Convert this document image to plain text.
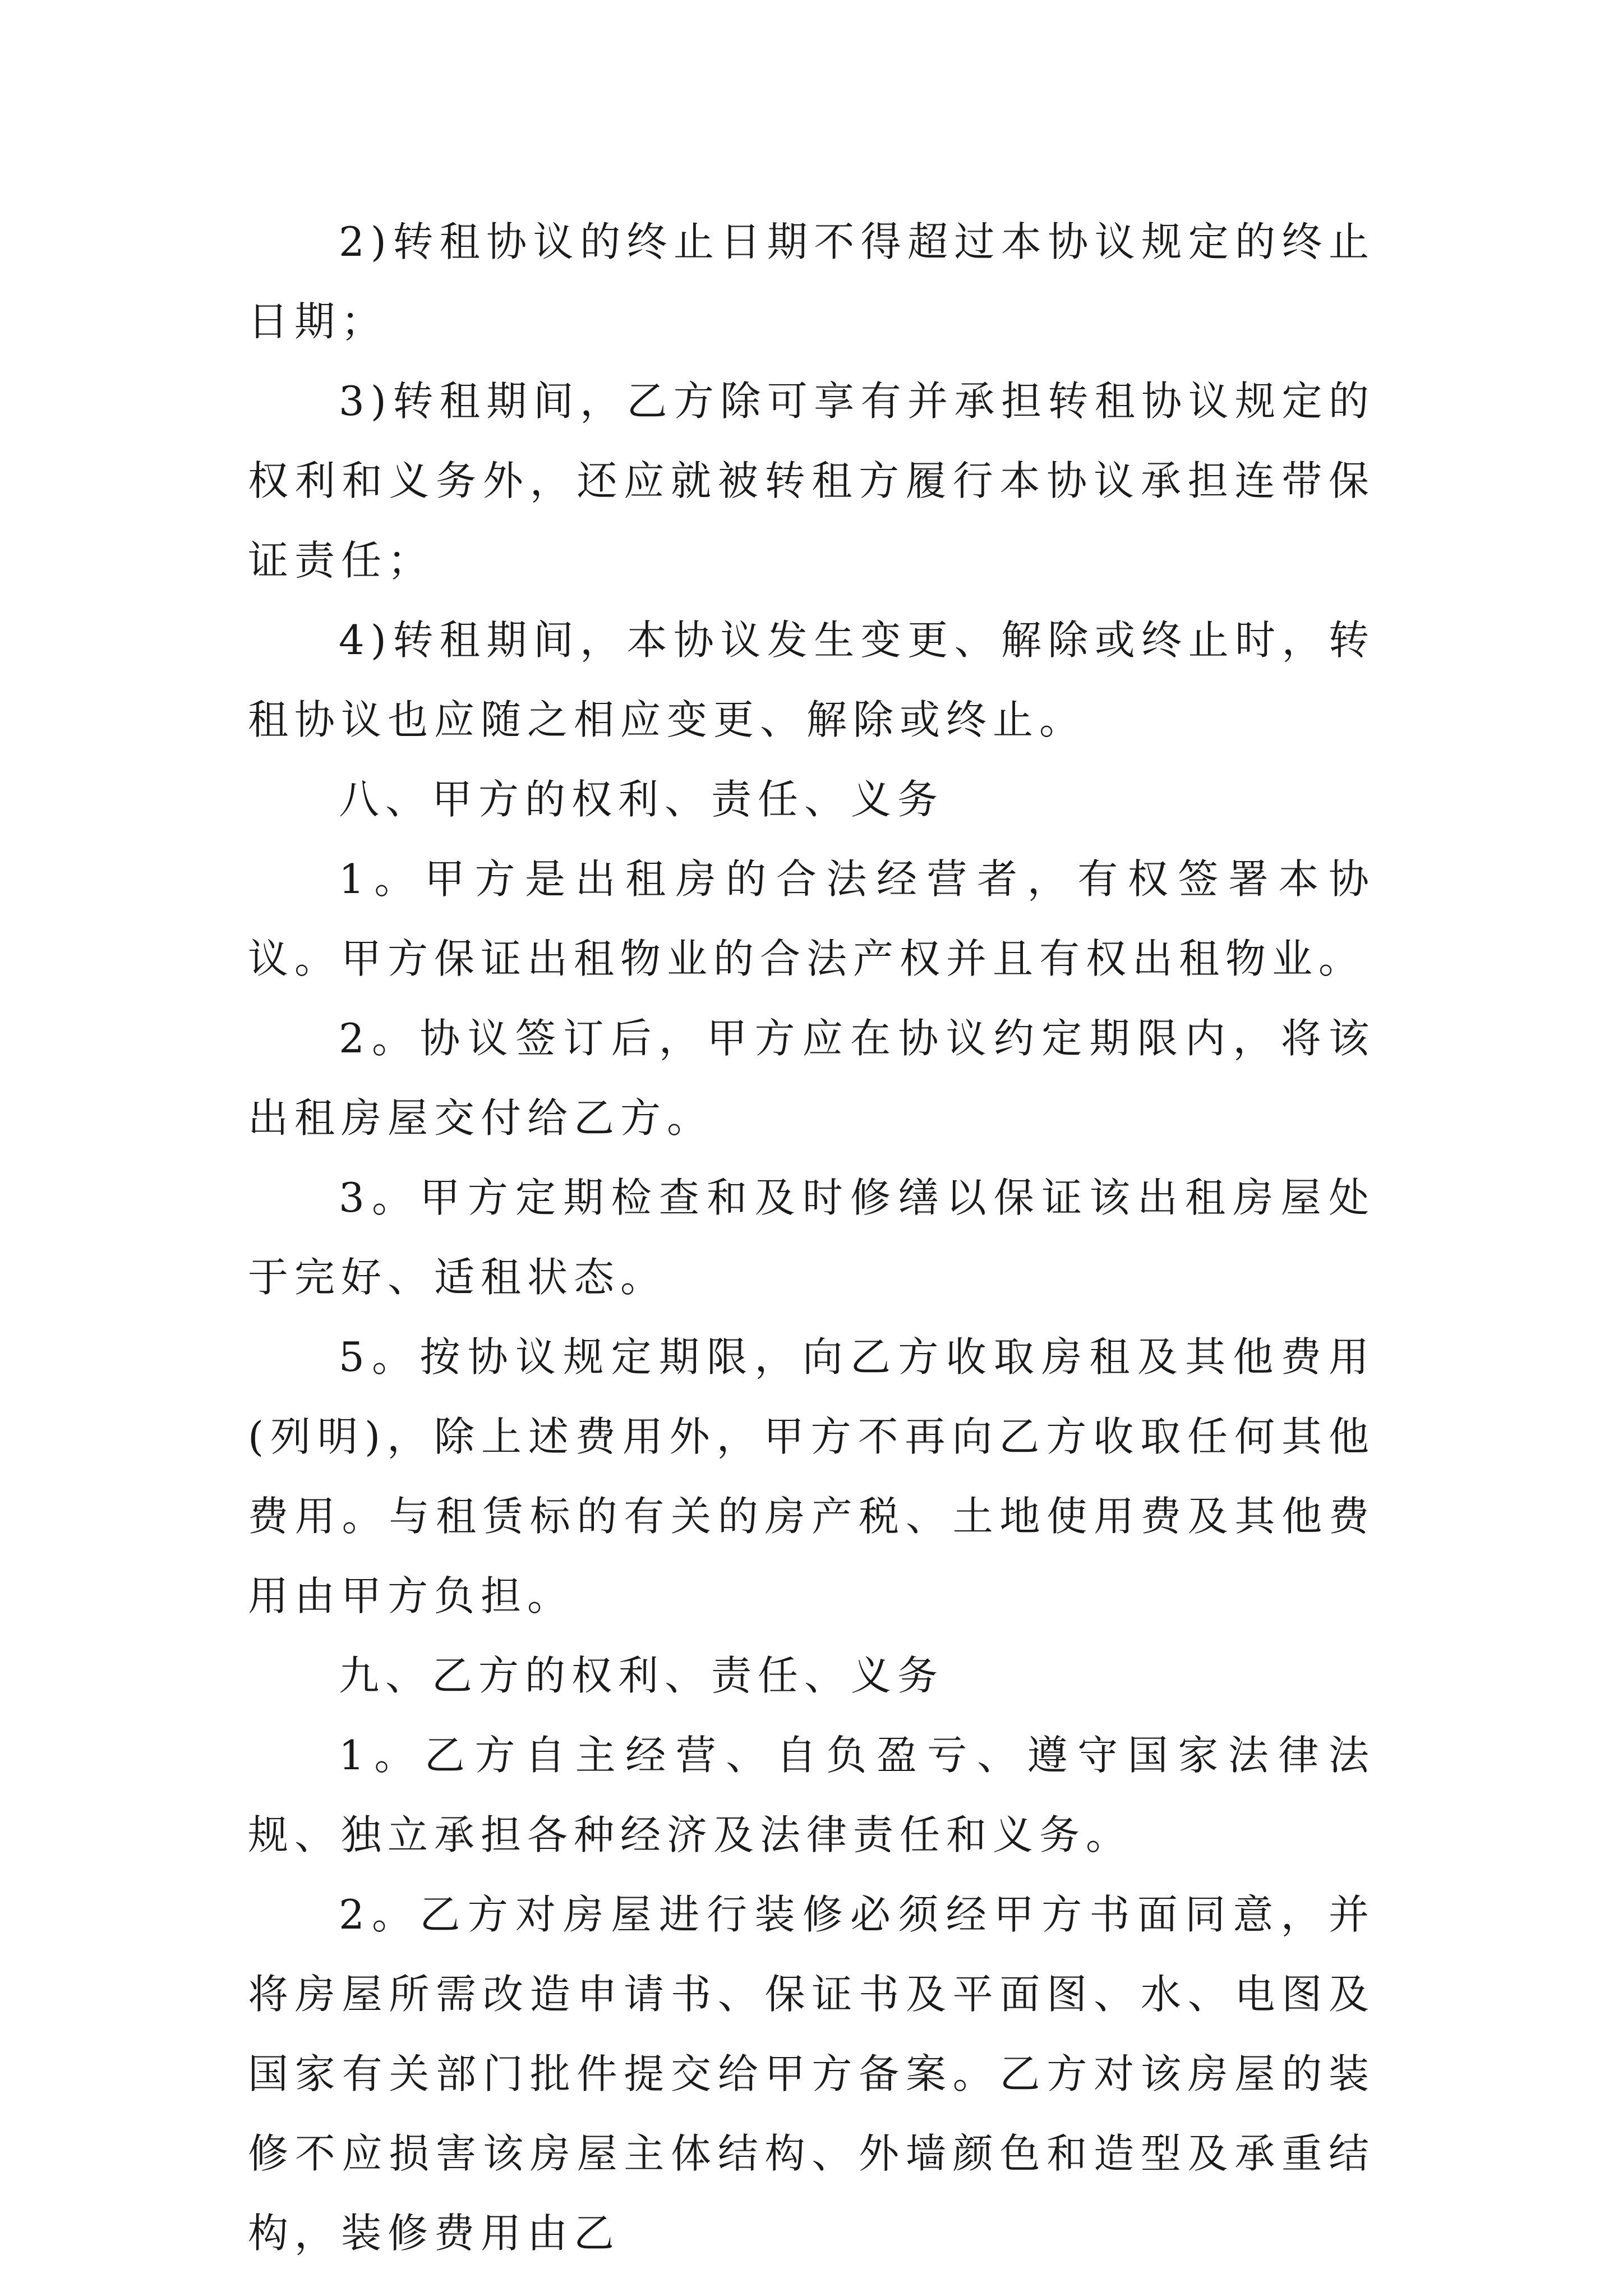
2)转租协议的终止日期不得超过本协议规定的终止日期；

3)转租期间，乙方除可享有并承担转租协议规定的权利和义务外，还应就被转租方履行本协议承担连带保证责任；

4)转租期间，本协议发生变更、解除或终止时，转租协议也应随之相应变更、解除或终止。

八、甲方的权利、责任、义务

1。甲方是出租房的合法经营者，有权签署本协议。甲方保证出租物业的合法产权并且有权出租物业。

2。协议签订后，甲方应在协议约定期限内，将该出租房屋交付给乙方。

3。甲方定期检查和及时修缮以保证该出租房屋处于完好、适租状态。

5。按协议规定期限，向乙方收取房租及其他费用(列明)，除上述费用外，甲方不再向乙方收取任何其他费用。与租赁标的有关的房产税、土地使用费及其他费用由甲方负担。

九、乙方的权利、责任、义务

1。乙方自主经营、自负盈亏、遵守国家法律法规、独立承担各种经济及法律责任和义务。

2。乙方对房屋进行装修必须经甲方书面同意，并将房屋所需改造申请书、保证书及平面图、水、电图及国家有关部门批件提交给甲方备案。乙方对该房屋的装修不应损害该房屋主体结构、外墙颜色和造型及承重结构，装修费用由乙
